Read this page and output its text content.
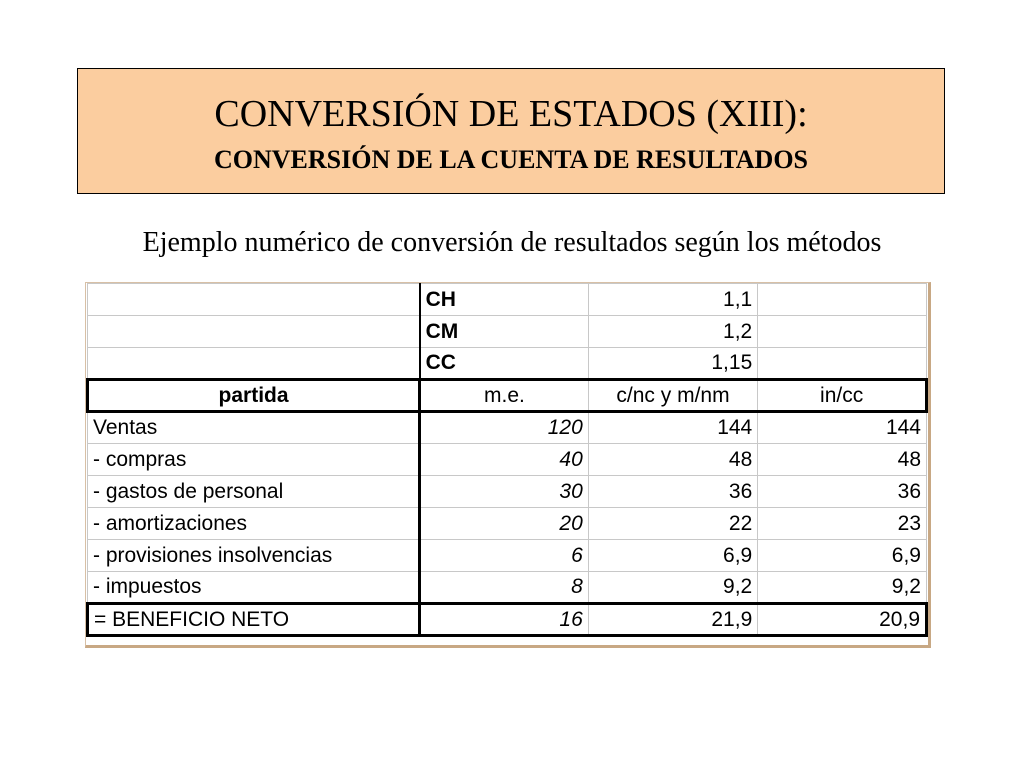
CONVERSIÓN DE ESTADOS (XIII):
CONVERSIÓN DE LA CUENTA DE RESULTADOS
Ejemplo numérico de conversión de resultados según los métodos
	CH	1,1	
	CM	1,2	
	CC	1,15	
partida	m.e.	c/nc y m/nm	in/cc
Ventas	120	144	144
- compras	40	48	48
- gastos de personal	30	36	36
- amortizaciones	20	22	23
- provisiones insolvencias	6	6,9	6,9
- impuestos	8	9,2	9,2
= BENEFICIO NETO	16	21,9	20,9
